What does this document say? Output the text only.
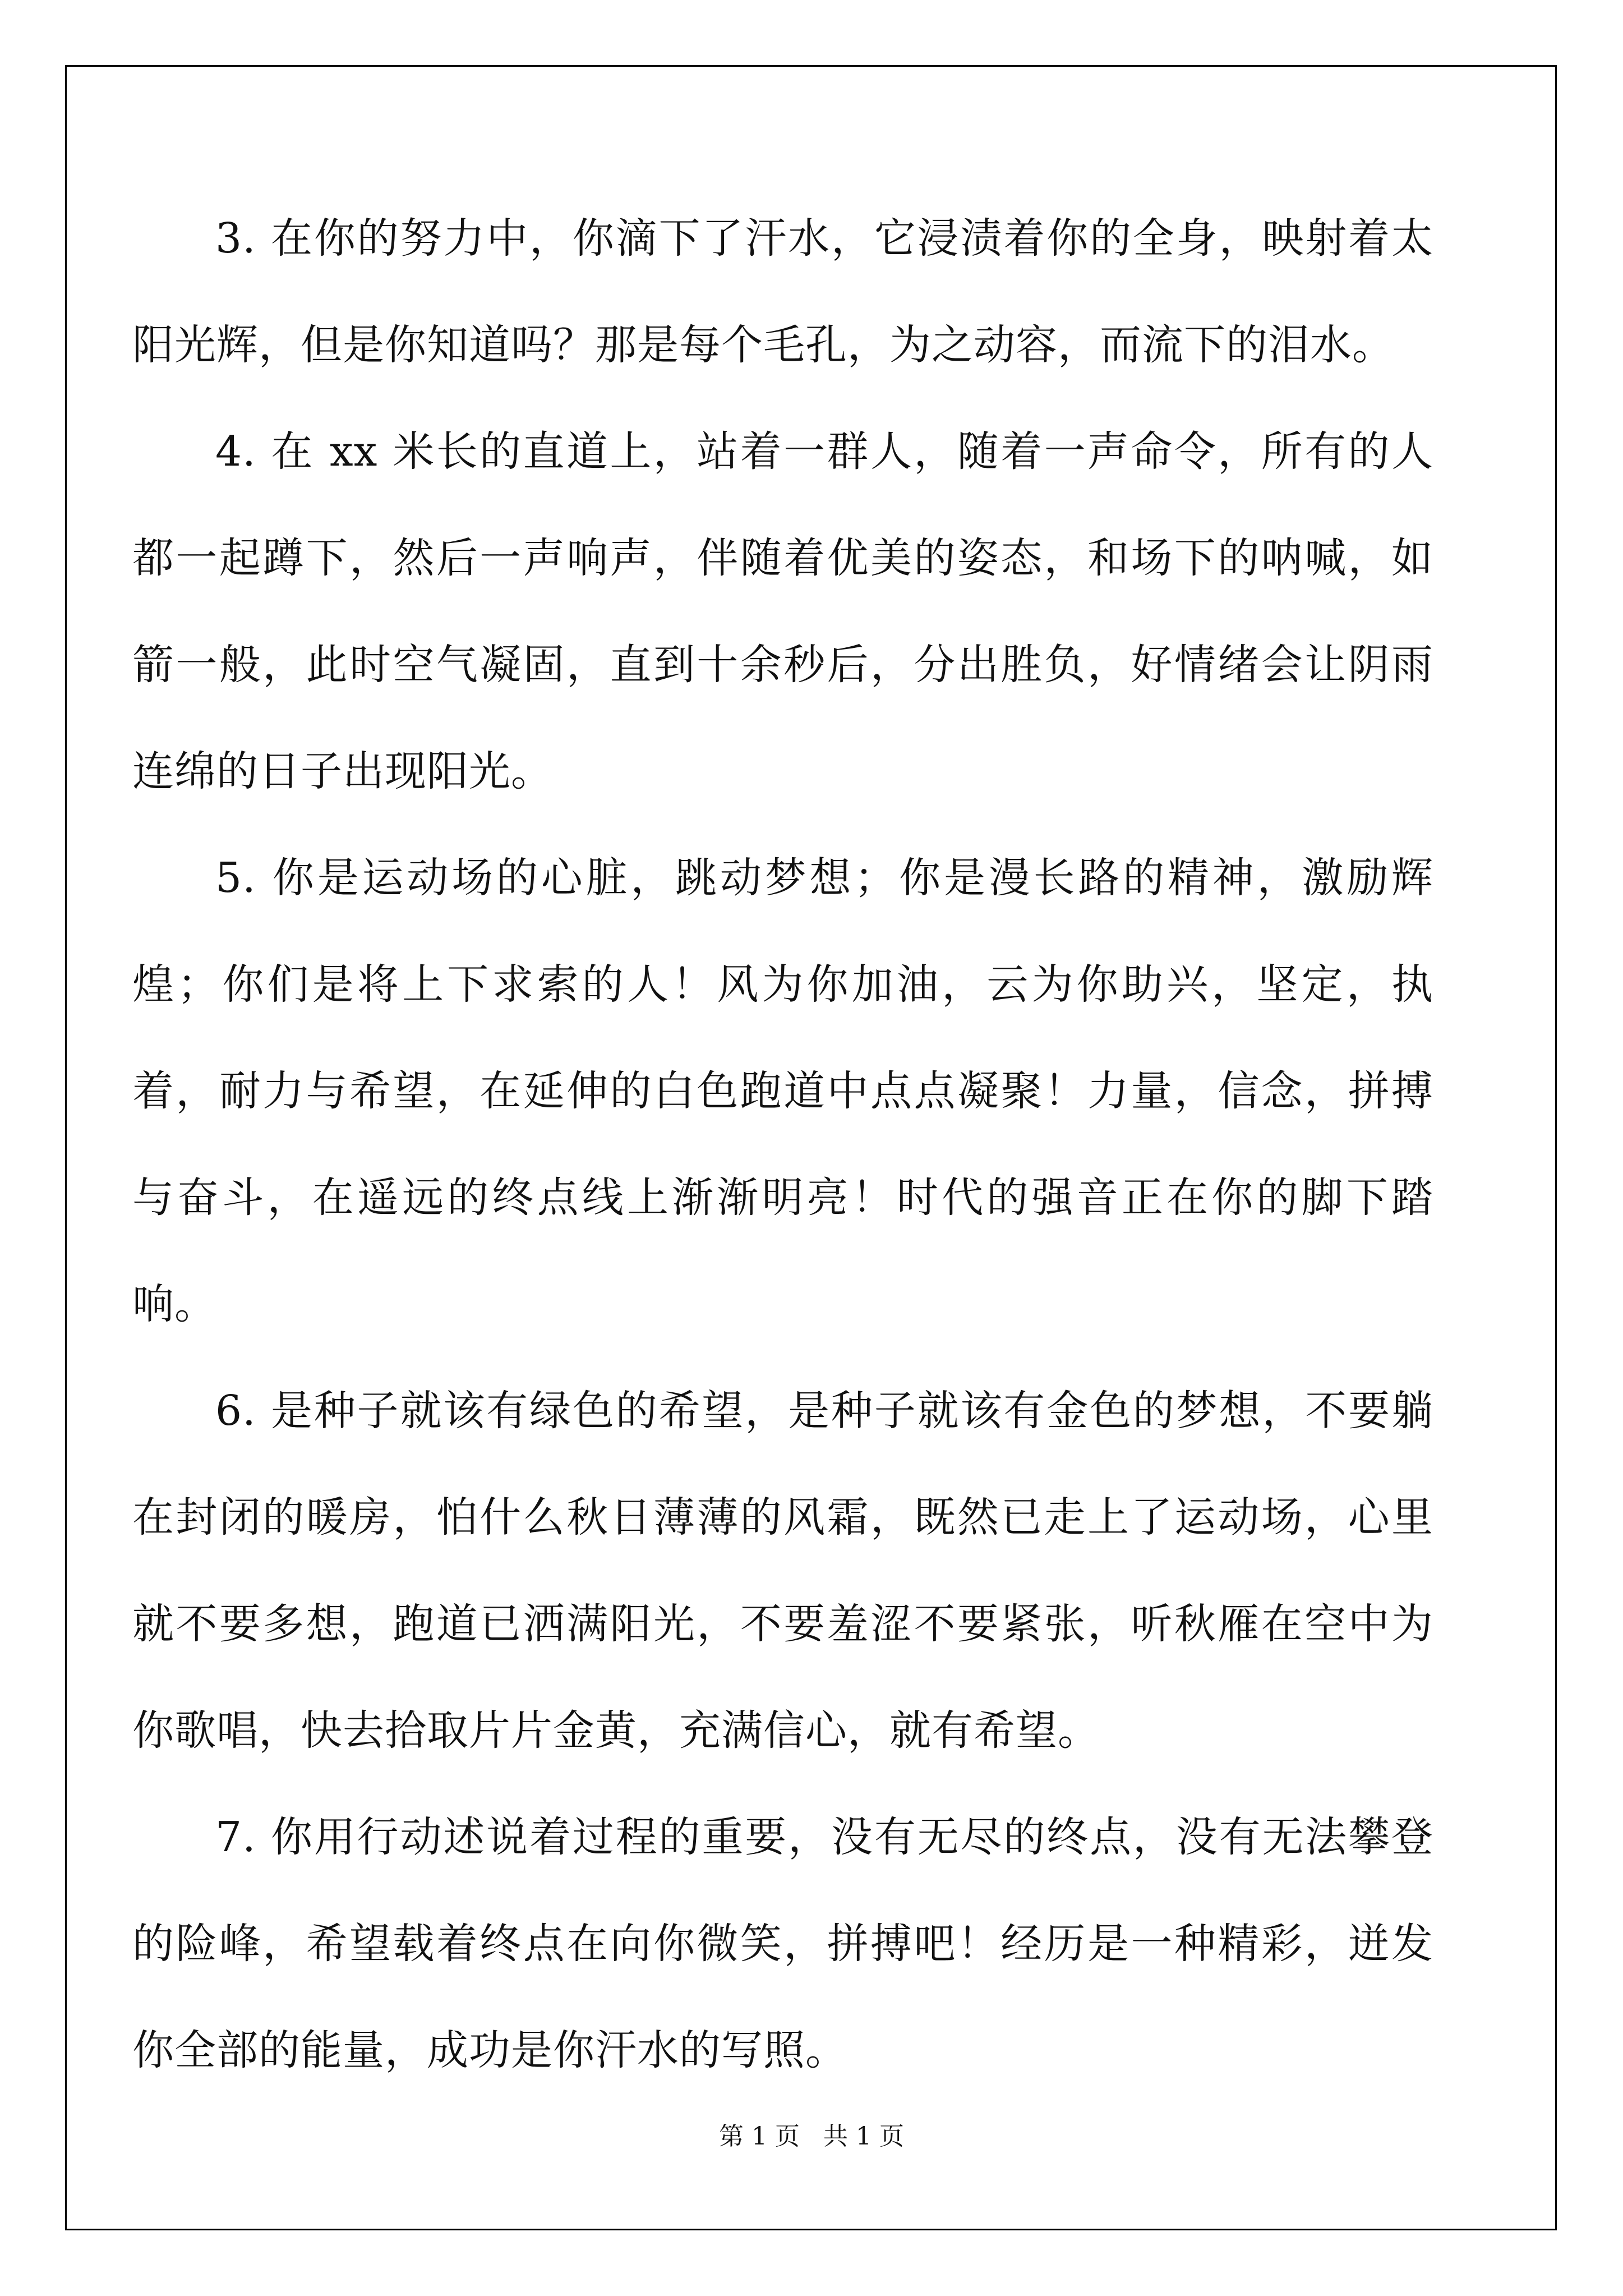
3. 在你的努力中，你滴下了汗水，它浸渍着你的全身，映射着太阳光辉，但是你知道吗？那是每个毛孔，为之动容，而流下的泪水。

4. 在 xx 米长的直道上，站着一群人，随着一声命令，所有的人都一起蹲下，然后一声响声，伴随着优美的姿态，和场下的呐喊，如箭一般，此时空气凝固，直到十余秒后，分出胜负，好情绪会让阴雨连绵的日子出现阳光。

5. 你是运动场的心脏，跳动梦想；你是漫长路的精神，激励辉煌；你们是将上下求索的人！风为你加油，云为你助兴，坚定，执着，耐力与希望，在延伸的白色跑道中点点凝聚！力量，信念，拼搏与奋斗，在遥远的终点线上渐渐明亮！时代的强音正在你的脚下踏响。

6. 是种子就该有绿色的希望，是种子就该有金色的梦想，不要躺在封闭的暖房，怕什么秋日薄薄的风霜，既然已走上了运动场，心里就不要多想，跑道已洒满阳光，不要羞涩不要紧张，听秋雁在空中为你歌唱，快去拾取片片金黄，充满信心，就有希望。

7. 你用行动述说着过程的重要，没有无尽的终点，没有无法攀登的险峰，希望载着终点在向你微笑，拼搏吧！经历是一种精彩，迸发你全部的能量，成功是你汗水的写照。

第 1 页 共 1 页
